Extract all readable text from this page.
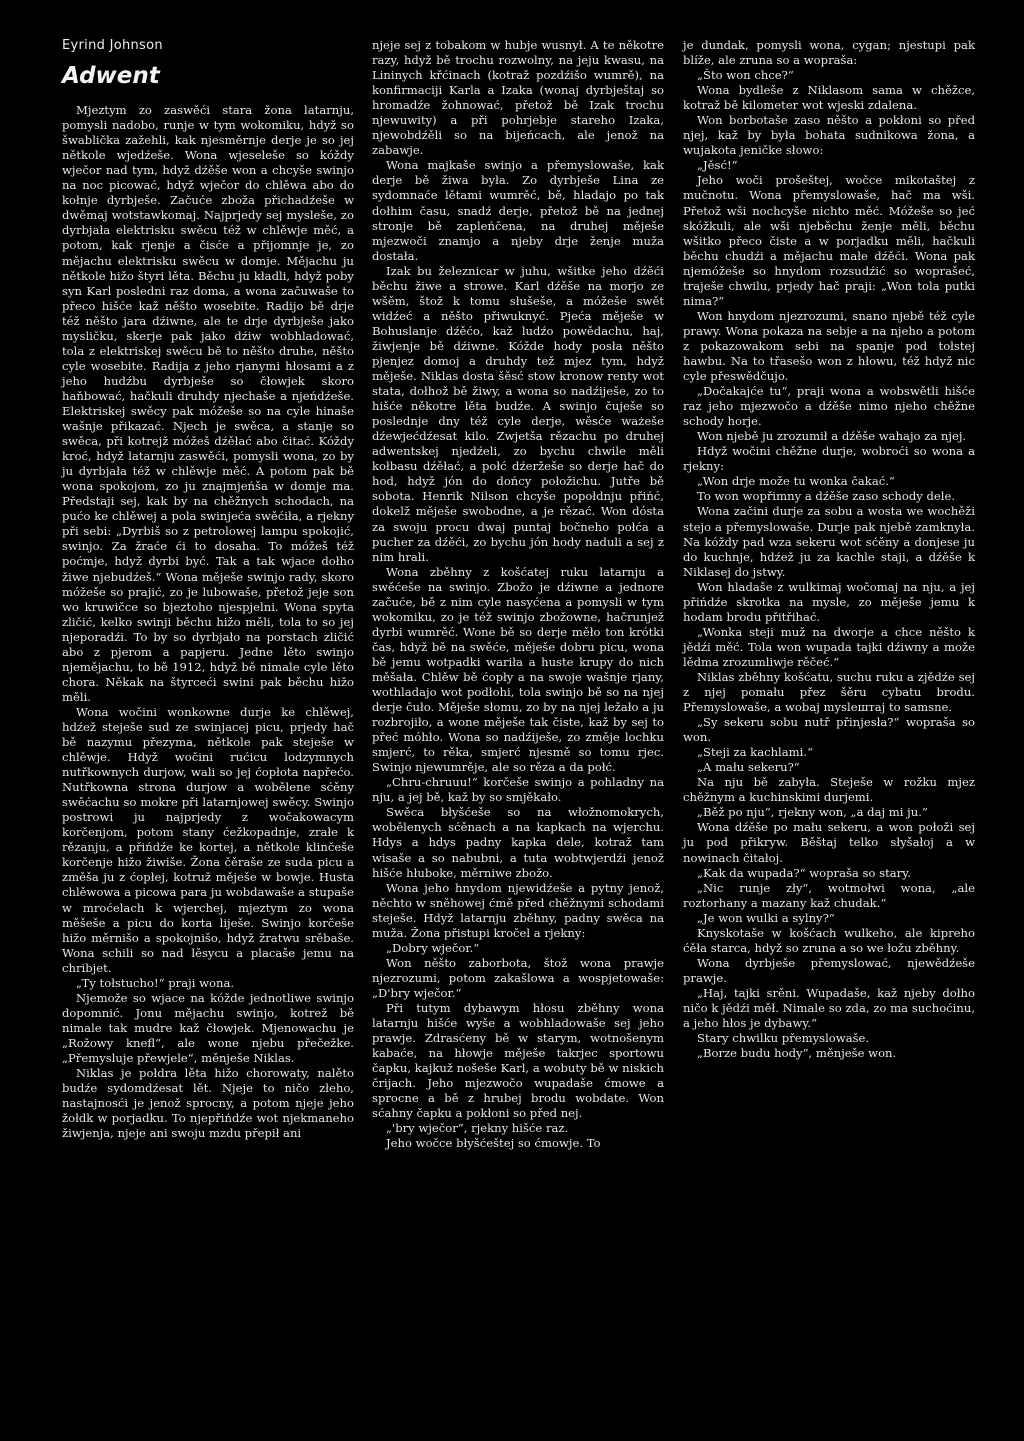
Eyrind Johnson
Adwent

Mjeztym zo zaswěći stara žona latarnju, pomysli nadobo, runje w tym wokomiku, hdyž so šwablička zažehli, kak njesměrnje derje je so jej nětkole wjedźeše. Wona wjeseleše so kóždy wječor nad tym, hdyž dźěše won a chcyše swinjo na noc picować, hdyž wječor do chlěwa abo do kołnje dyrbješe. Začuće zboža přichadźeše w dwěmaj wotstawkomaj. Najprjedy sej mysleše, zo dyrbjała elektrisku swěcu též w chlěwje měć, a potom, kak rjenje a čisće a přijomnje je, zo mějachu elektrisku swěcu w domje. Mějachu ju nětkole hižo štyri lěta. Běchu ju kładli, hdyž poby syn Karl posledni raz doma, a wona začuwaše to přeco hišće kaž něšto wosebite. Radijo bě drje též něšto jara dźiwne, ale te drje dyrbješe jako mysličku, skerje pak jako dźiw wobhladować, tola z elektriskej swěcu bě to něšto druhe, něšto cyle wosebite. Radija z jeho rjanymi hłosami a z jeho hudźbu dyrbješe so čłowjek skoro haňbować, hačkuli druhdy njechaše a njeńdźeše. Elektriskej swěcy pak móžeše so na cyle hinaše wašnje přikazać. Njech je swěca, a stanje so swěca, při kotrejž móžeš dźěłać abo čitać. Kóždy kroć, hdyž latarnju zaswěći, pomysli wona, zo by ju dyrbjała též w chlěwje měć. A potom pak bě wona spokojom, zo ju znajmjeńša w domje ma. Předstaji sej, kak by na chěžnych schodach, na pućo ke chlěwej a pola swinjeća swěćiła, a rjekny při sebi: „Dyrbiš so z petrolowej lampu spokojić, swinjo. Za žraće ći to dosaha. To móžeš též poćmje, hdyž dyrbi być. Tak a tak wjace dołho žiwe njebudźeš.“ Wona měješe swinjo rady, skoro móžeše so prajić, zo je lubowaše, přetož jeje son wo kruwičce so bjeztoho njespjelni. Wona spyta zličić, kelko swinji běchu hižo měli, tola to so jej njeporadźi. To by so dyrbjało na porstach zličić abo z pjerom a papjeru. Jedne lěto swinjo njemějachu, to bě 1912, hdyž bě nimale cyle lěto chora. Někak na štyrceći swini pak běchu hižo měli.

Wona wočini wonkowne durje ke chlěwej, hdźež steješe sud ze swinjacej picu, prjedy hač bě nazymu přezyma, nětkole pak steješe w chlěwje. Hdyž wočini rućicu lodzymnych nutřkownych durjow, wali so jej ćopłota napřećo. Nutřkowna strona durjow a wobělene sćěny swěćachu so mokre při latarnjowej swěcy. Swinjo postrowi ju najprjedy z wočakowacym korčenjom, potom stany ćežkopadnje, zrałe k rězanju, a přińdźe ke kortej, a nětkole klinčeše korčenje hižo žiwiše. Žona čěraše ze suda picu a změša ju z ćopłej, kotruž měješe w bowje. Husta chlěwowa a picowa para ju wobdawaše a stupaše w mroćelach k wjerchej, mjeztym zo wona měšeše a picu do korta liješe. Swinjo korčeše hižo měrnišo a spokojnišo, hdyž žratwu srěbaše. Wona schili so nad lěsycu a placaše jemu na chribjet.

„Ty tołstucho!“ praji wona.

Njemože so wjace na kóžde jednotliwe swinjo dopomnić. Jonu mějachu swinjo, kotrež bě nimale tak mudre kaž čłowjek. Mjenowachu je „Rožowy knefl“, ale wone njebu přečežke. „Přemysluje přewjele“, měnješe Niklas.

Niklas je połdra lěta hižo chorowaty, nalěto budźe sydomdźesat lět. Njeje to ničo złeho, nastajnosći je jenož sprocny, a potom njeje jeho žołdk w porjadku. To njepřińdźe wot njekmaneho žiwjenja, njeje ani swoju mzdu přepił ani

njeje sej z tobakom w hubje wusnył. A te někotre razy, hdyž bě trochu rozwolny, na jeju kwasu, na Lininych křćinach (kotraž pozdźišo wumrě), na konfirmaciji Karla a Izaka (wonaj dyrbještaj so hromadźe žohnować, přetož bě Izak trochu njewuwity) a při pohrjebje stareho Izaka, njewobdźěli so na bijeńcach, ale jenož na zabawje.

Wona majkaše swinjo a přemyslowaše, kak derje bě žiwa była. Zo dyrbješe Lina ze sydomnaće lětami wumrěć, bě, hladajo po tak dołhim času, snadź derje, přetož bě na jednej stronje bě zapleńčena, na druhej měješe mjezwoči znamjo a njeby drje ženje muža dostała.

Izak bu železnicar w juhu, wšitke jeho dźěći běchu žiwe a strowe. Karl dźěše na morjo ze wšěm, štož k tomu słušeše, a móžeše swět widźeć a něšto přiwuknyć. Pjeća měješe w Bohuslanje dźěćo, kaž ludźo powědachu, haj, žiwjenje bě dźiwne. Kóžde hody posła něšto pjenjez domoj a druhdy tež mjez tym, hdyž měješe. Niklas dosta šěsć stow kronow renty wot stata, dołhož bě žiwy, a wona so nadźiješe, zo to hišće někotre lěta budźe. A swinjo čuješe so poslednje dny též cyle derje, wěsće ważeše dźewjećdźesat kilo. Zwjetša rězachu po druhej adwentskej njedźeli, zo bychu chwile měli kołbasu dźěłać, a połć dźeržeše so derje hač do hod, hdyž jón do dońcy połožichu. Jutře bě sobota. Henrik Nilson chcyše popołdnju přińć, dokelž měješe swobodne, a je rězać. Won dósta za swoju procu dwaj puntaj bočneho połća a pucher za dźěći, zo bychu jón hody naduli a sej z nim hrali.

Wona zběhny z košćatej ruku latarnju a swěćeše na swinjo. Zbožo je dźiwne a jednore začuće, bě z nim cyle nasyćena a pomysli w tym wokomiku, zo je též swinjo zbožowne, hačrunjež dyrbi wumrěć. Wone bě so derje měło ton krótki čas, hdyž bě na swěće, měješe dobru picu, wona bě jemu wotpadki wariła a huste krupy do nich měšała. Chlěw bě ćopły a na swoje wašnje rjany, wothladajo wot podłohi, tola swinjo bě so na njej derje čuło. Měješe słomu, zo by na njej ležało a ju rozbrojiło, a wone měješe tak čiste, kaž by sej to přeć móhło. Wona so nadźiješe, zo změje lochku smjerć, to rěka, smjerć njesmě so tomu rjec. Swinjo njewumrěje, ale so rěza a da połć.

„Chru-chruuu!“ korčeše swinjo a pohladny na nju, a jej bě, kaž by so smjěkało.

Swěca błyšćeše so na włožnomokrych, wobělenych sćěnach a na kapkach na wjerchu. Hdys a hdys padny kapka dele, kotraž tam wisaše a so nabubni, a tuta wobtwjerdźi jenož hišće hłuboke, měrniwe zbožo.

Wona jeho hnydom njewidźeše a pytny jenož, něchto w sněhowej ćmě před chěžnymi schodami steješe. Hdyž latarnju zběhny, padny swěca na muža. Žona přistupi kročel a rjekny:

„Dobry wječor.“

Won něšto zaborbota, štož wona prawje njezrozumi, potom zakašlowa a wospjetowaše: „D'bry wječor.“

Při tutym dybawym hłosu zběhny wona latarnju hišće wyše a wobhladowaše sej jeho prawje. Zdrasćeny bě w starym, wotnošenym kabaće, na hłowje měješe takrjec sportowu čapku, kajkuž nošeše Karl, a wobuty bě w niskich črijach. Jeho mjezwočo wupadaše ćmowe a sprocne a bě z hrubej brodu wobdate. Won sćahny čapku a pokłoni so před nej.

„'bry wječor“, rjekny hišće raz.

Jeho wočce błyšćeštej so ćmowje. To

je dundak, pomysli wona, cygan; njestupi pak blíže, ale zruna so a wopraša:

„Što won chce?“

Wona bydleše z Niklasom sama w chěžce, kotraž bě kilometer wot wjeski zdalena.

Won borbotaše zaso něšto a pokłoni so před njej, kaž by była bohata sudnikowa žona, a wujakota jeničke słowo:

„Jěsć!“

Jeho woči prošeštej, wočce mikotaštej z mučnotu. Wona přemyslowaše, hač ma wši. Přetož wši nochcyše nichto měć. Móžeše so jeć skóžkuli, ale wši njeběchu ženje měli, běchu wšitko přeco čiste a w porjadku měli, hačkuli běchu chudźi a mějachu małe dźěći. Wona pak njemóžeše so hnydom rozsudźić so woprašeć, traješe chwilu, prjedy hač praji: „Won tola putki nima?“

Won hnydom njezrozumi, snano njebě též cyle prawy. Wona pokaza na sebje a na njeho a potom z pokazowakom sebi na spanje pod tołstej hawbu. Na to třasešo won z hłowu, též hdyž nic cyle přeswědčujo.

„Dočakajće tu“, praji wona a wobswětli hišće raz jeho mjezwočo a dźěše nimo njeho chěžne schody horje.

Won njebě ju zrozumił a dźěše wahajo za njej.

Hdyž wočini chěžne durje, wobroći so wona a rjekny:

„Won drje može tu wonka čakać.“

To won wopřimny a dźěše zaso schody dele.

Wona začini durje za sobu a wosta we wochěži stejo a přemyslowaše. Durje pak njebě zamknyła. Na kóždy pad wza sekeru wot sćěny a donjese ju do kuchnje, hdźež ju za kachle staji, a dźěše k Niklasej do jstwy.

Won hladaše z wulkimaj wočomaj na nju, a jej přińdźe skrotka na mysle, zo měješe jemu k hodam brodu přitřihać.

„Wonka steji muž na dworje a chce něšto k jědźi měć. Tola won wupada tajki dźiwny a može lědma zrozumliwje rěčeć.“

Niklas zběhny košćatu, suchu ruku a zjědźe sej z njej pomału přez šěru cybatu brodu. Přemyslowaše, a wobaj myslештaj to samsne.

„Sy sekeru sobu nutř přinjesła?“ wopraša so won.

„Steji za kachlami.“

„A mału sekeru?“

Na nju bě zabyła. Steješe w rožku mjez chěžnym a kuchinskimi durjemi.

„Běž po nju“, rjekny won, „a daj mi ju.“

Wona dźěše po mału sekeru, a won połoži sej ju pod přikryw. Běštaj telko słyšałoj a w nowinach čitałoj.

„Kak da wupada?“ wopraša so stary.

„Nic runje zły“, wotmołwi wona, „ale roztorhany a mazany kaž chudak.“

„Je won wulki a sylny?“

Knyskotaše w košćach wulkeho, ale kipreho ćěła starca, hdyž so zruna a so we łožu zběhny.

Wona dyrbješe přemyslować, njewědźeše prawje.

„Haj, tajki srěni. Wupadaše, kaž njeby dołho ničo k jědźi měł. Nimale so zda, zo ma suchoćinu, a jeho hłos je dybawy.“

Stary chwilku přemyslowaše.

„Borze budu hody“, měnješe won.
